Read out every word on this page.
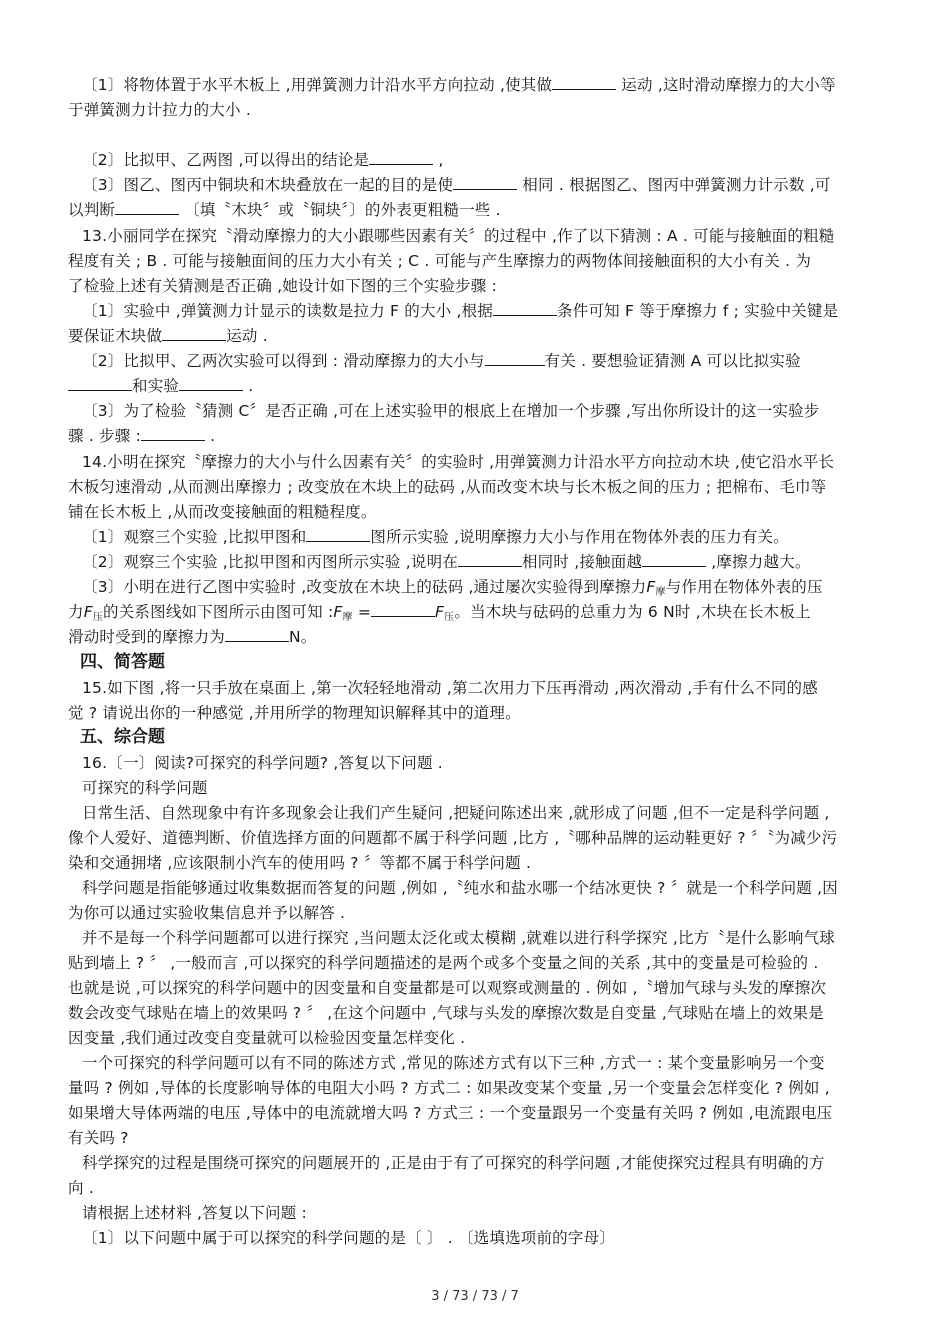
〔1〕将物体置于水平木板上 ,用弹簧测力计沿水平方向拉动 ,使其做	运动 ,这时滑动摩擦力的大小等
于弹簧测力计拉力的大小 .
〔2〕比拟甲、乙两图 ,可以得出的结论是	,
〔3〕图乙、图丙中铜块和木块叠放在一起的目的是使	相同 . 根据图乙、图丙中弹簧测力计示数 ,可
以判断	〔填〝木块〞或〝铜块〞〕的外表更粗糙一些 .
13.小丽同学在探究〝滑动摩擦力的大小跟哪些因素有关〞的过程中 ,作了以下猜测 : A . 可能与接触面的粗糙
程度有关 ; B . 可能与接触面间的压力大小有关 ; C . 可能与产生摩擦力的两物体间接触面积的大小有关 . 为
了检验上述有关猜测是否正确 ,她设计如下图的三个实验步骤 :
〔1〕实验中 ,弹簧测力计显示的读数是拉力 F 的大小 ,根据	条件可知 F 等于摩擦力 f ; 实验中关键是
要保证木块做	运动 .
〔2〕比拟甲、乙两次实验可以得到 : 滑动摩擦力的大小与	有关 . 要想验证猜测 A 可以比拟实验
和实验	.
〔3〕为了检验〝猜测 C〞是否正确 ,可在上述实验甲的根底上在增加一个步骤 ,写出你所设计的这一实验步
骤 . 步骤 :	.
14.小明在探究〝摩擦力的大小与什么因素有关〞的实验时 ,用弹簧测力计沿水平方向拉动木块 ,使它沿水平长
木板匀速滑动 ,从而测出摩擦力 ; 改变放在木块上的砝码 ,从而改变木块与长木板之间的压力 ; 把棉布、毛巾等
铺在长木板上 ,从而改变接触面的粗糙程度。
〔1〕观察三个实验 ,比拟甲图和	图所示实验 ,说明摩擦力大小与作用在物体外表的压力有关。
〔2〕观察三个实验 ,比拟甲图和丙图所示实验 ,说明在	相同时 ,接触面越	,摩擦力越大。
〔3〕小明在进行乙图中实验时 ,改变放在木块上的砝码 ,通过屡次实验得到摩擦力$F_摩$与作用在物体外表的压
力$F_压$的关系图线如下图所示由图可知 $:F_摩$ =	$F_压$。当木块与砝码的总重力为 6 N时 ,木块在长木板上
滑动时受到的摩擦力为	N。
四、简答题
15.如下图 ,将一只手放在桌面上 ,第一次轻轻地滑动 ,第二次用力下压再滑动 ,两次滑动 ,手有什么不同的感
觉 ? 请说出你的一种感觉 ,并用所学的物理知识解释其中的道理。
五、综合题
16.〔一〕阅读?可探究的科学问题? ,答复以下问题 .
可探究的科学问题
日常生活、自然现象中有许多现象会让我们产生疑问 ,把疑问陈述出来 ,就形成了问题 ,但不一定是科学问题 ,
像个人爱好、道德判断、价值选择方面的问题都不属于科学问题 ,比方 ,〝哪种品牌的运动鞋更好 ? 〞〝为减少污
染和交通拥堵 ,应该限制小汽车的使用吗 ? 〞等都不属于科学问题 .
科学问题是指能够通过收集数据而答复的问题 ,例如 ,〝纯水和盐水哪一个结冰更快 ? 〞就是一个科学问题 ,因
为你可以通过实验收集信息并予以解答 .
并不是每一个科学问题都可以进行探究 ,当问题太泛化或太模糊 ,就难以进行科学探究 ,比方〝是什么影响气球
贴到墙上 ? 〞 ,一般而言 ,可以探究的科学问题描述的是两个或多个变量之间的关系 ,其中的变量是可检验的 .
也就是说 ,可以探究的科学问题中的因变量和自变量都是可以观察或测量的 . 例如 ,〝增加气球与头发的摩擦次
数会改变气球贴在墙上的效果吗 ? 〞 ,在这个问题中 ,气球与头发的摩擦次数是自变量 ,气球贴在墙上的效果是
因变量 ,我们通过改变自变量就可以检验因变量怎样变化 .
一个可探究的科学问题可以有不同的陈述方式 ,常见的陈述方式有以下三种 ,方式一 : 某个变量影响另一个变
量吗 ? 例如 ,导体的长度影响导体的电阻大小吗 ? 方式二 : 如果改变某个变量 ,另一个变量会怎样变化 ? 例如 ,
如果增大导体两端的电压 ,导体中的电流就增大吗 ? 方式三 : 一个变量跟另一个变量有关吗 ? 例如 ,电流跟电压
有关吗 ?
科学探究的过程是围绕可探究的问题展开的 ,正是由于有了可探究的科学问题 ,才能使探究过程具有明确的方
向 .
请根据上述材料 ,答复以下问题 :
〔1〕以下问题中属于可以探究的科学问题的是〔 〕 . 〔选填选项前的字母〕
3 / 73 / 73 / 7
